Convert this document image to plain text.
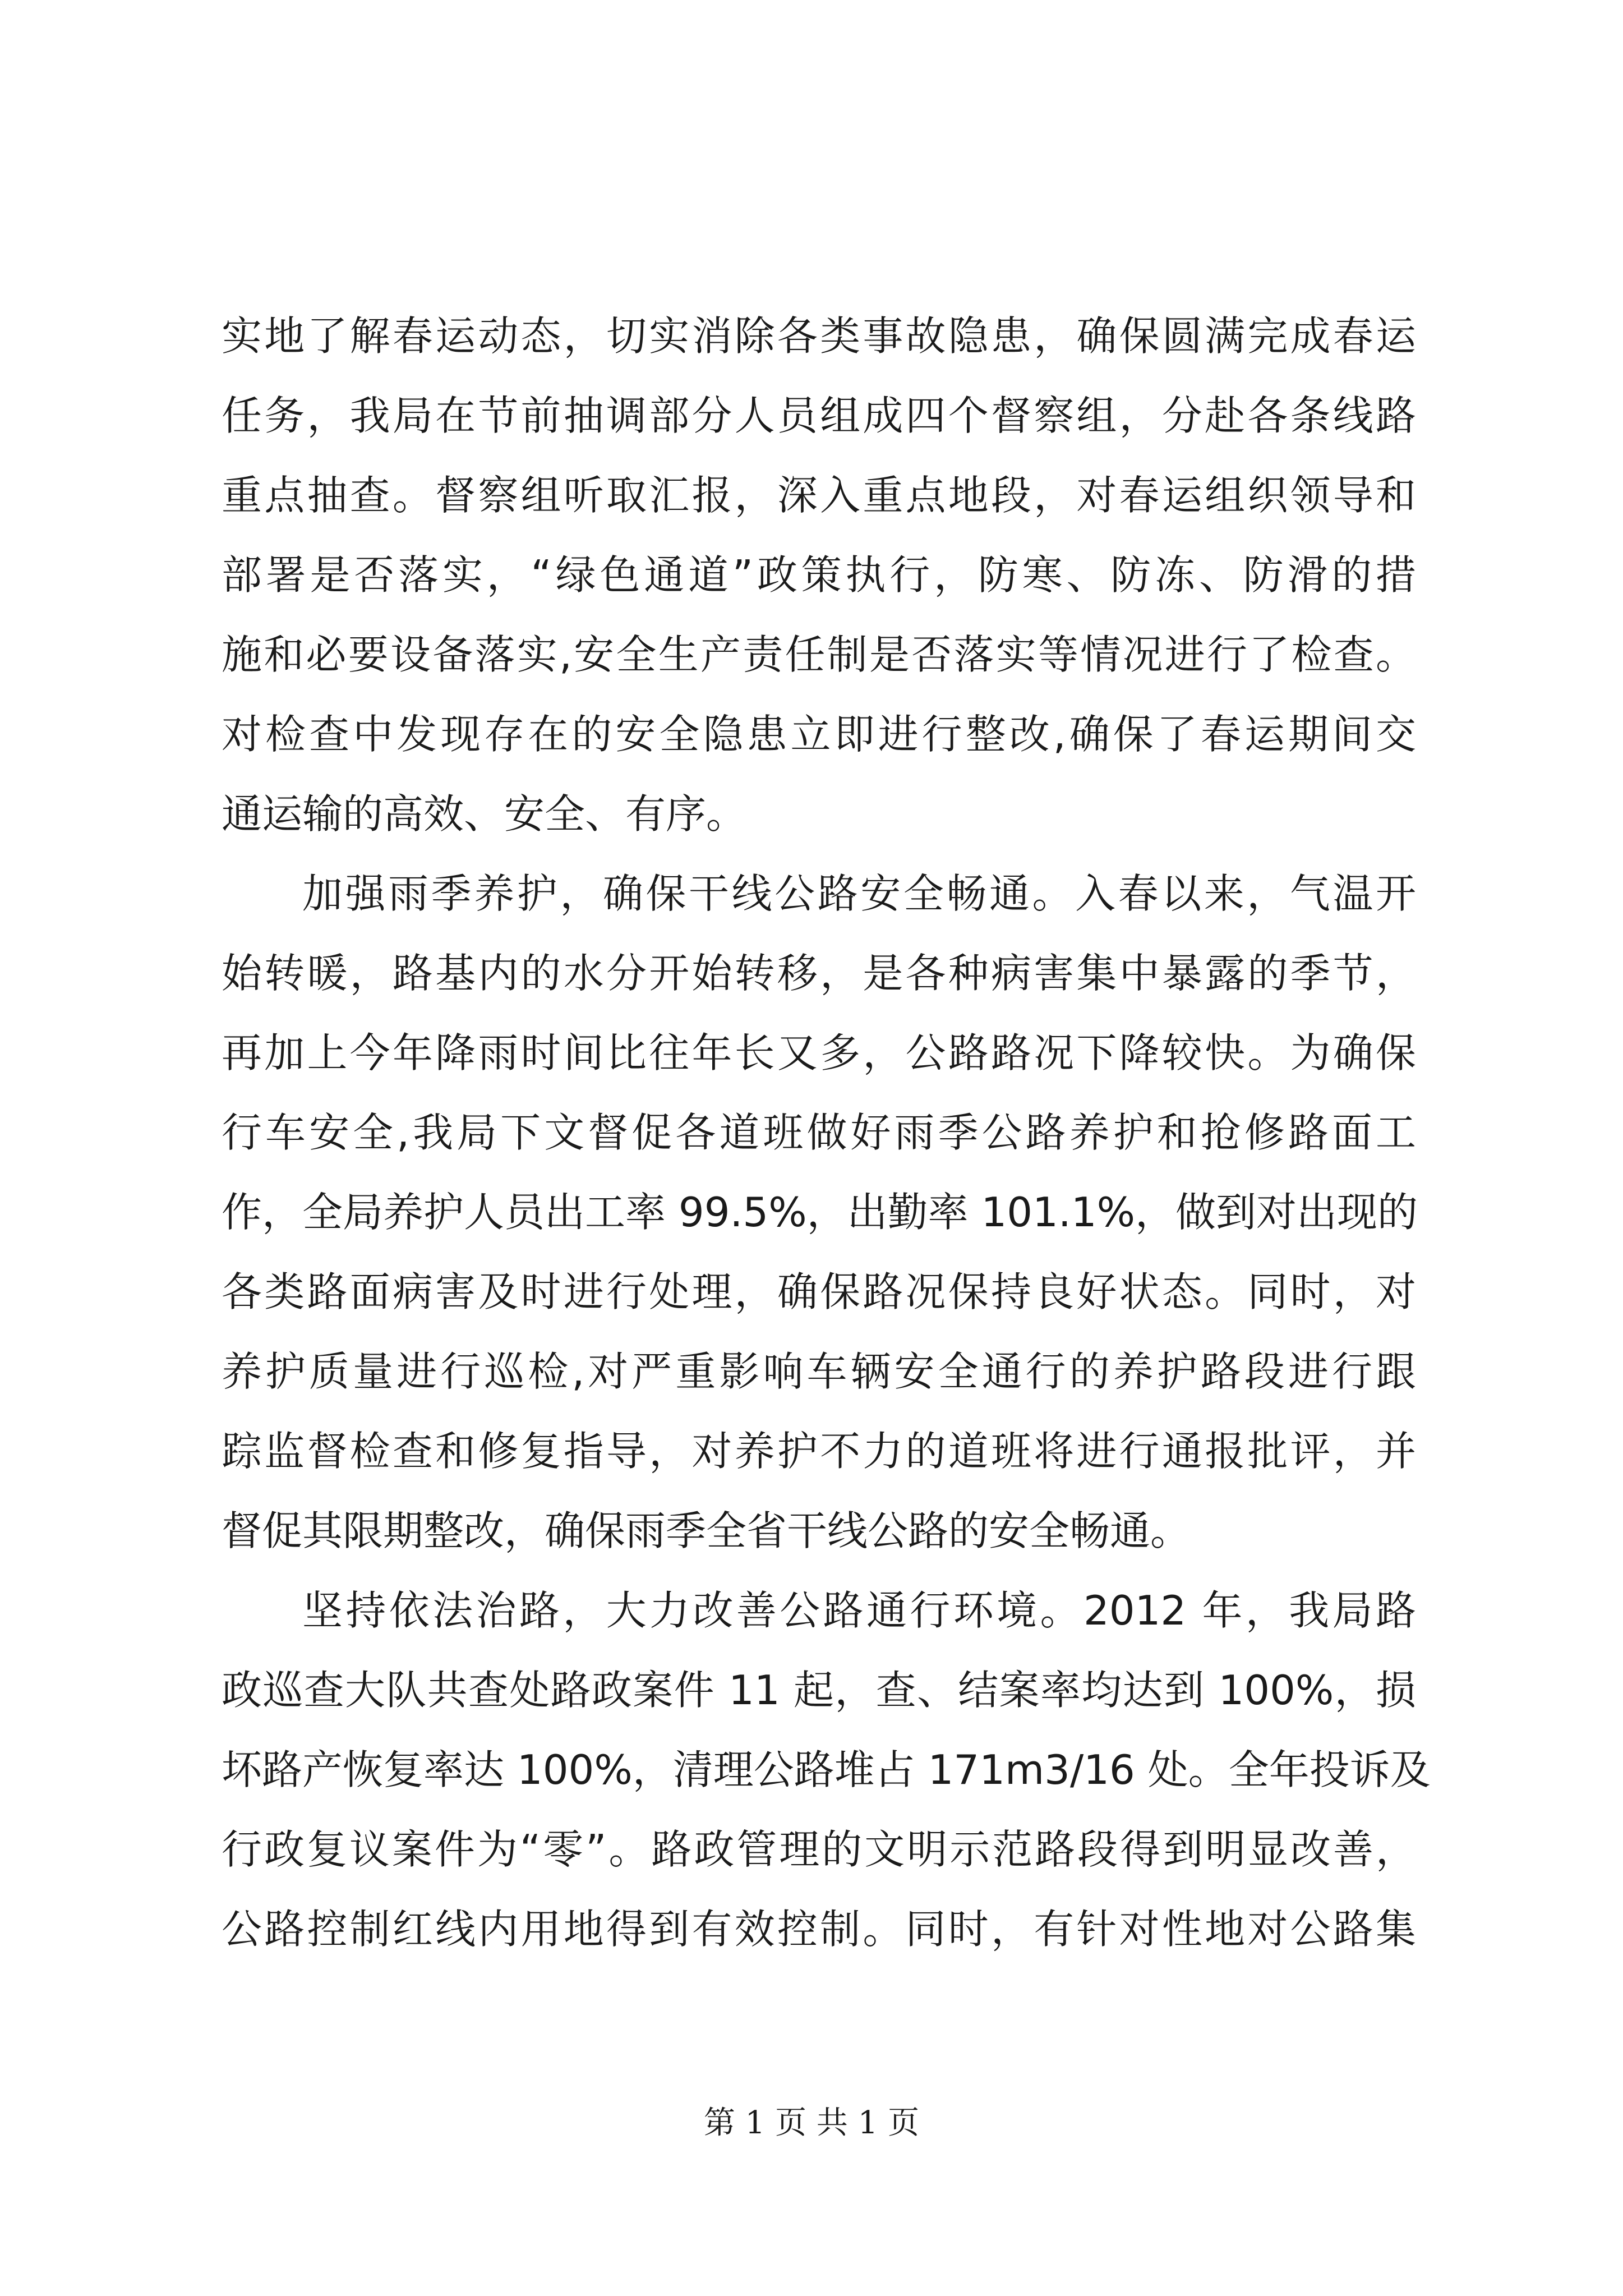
实地了解春运动态，切实消除各类事故隐患，确保圆满完成春运
任务，我局在节前抽调部分人员组成四个督察组，分赴各条线路
重点抽查。督察组听取汇报，深入重点地段，对春运组织领导和
部署是否落实，“绿色通道”政策执行，防寒、防冻、防滑的措
施和必要设备落实,安全生产责任制是否落实等情况进行了检查。
对检查中发现存在的安全隐患立即进行整改,确保了春运期间交
通运输的高效、安全、有序。
加强雨季养护，确保干线公路安全畅通。入春以来，气温开
始转暖，路基内的水分开始转移，是各种病害集中暴露的季节，
再加上今年降雨时间比往年长又多，公路路况下降较快。为确保
行车安全,我局下文督促各道班做好雨季公路养护和抢修路面工
作，全局养护人员出工率 99.5%，出勤率 101.1%，做到对出现的
各类路面病害及时进行处理，确保路况保持良好状态。同时，对
养护质量进行巡检,对严重影响车辆安全通行的养护路段进行跟
踪监督检查和修复指导，对养护不力的道班将进行通报批评，并
督促其限期整改，确保雨季全省干线公路的安全畅通。
坚持依法治路，大力改善公路通行环境。2012 年，我局路
政巡查大队共查处路政案件 11 起，查、结案率均达到 100%，损
坏路产恢复率达 100%，清理公路堆占 171m3/16 处。全年投诉及
行政复议案件为“零”。路政管理的文明示范路段得到明显改善，
公路控制红线内用地得到有效控制。同时，有针对性地对公路集
第 1 页 共 1 页
